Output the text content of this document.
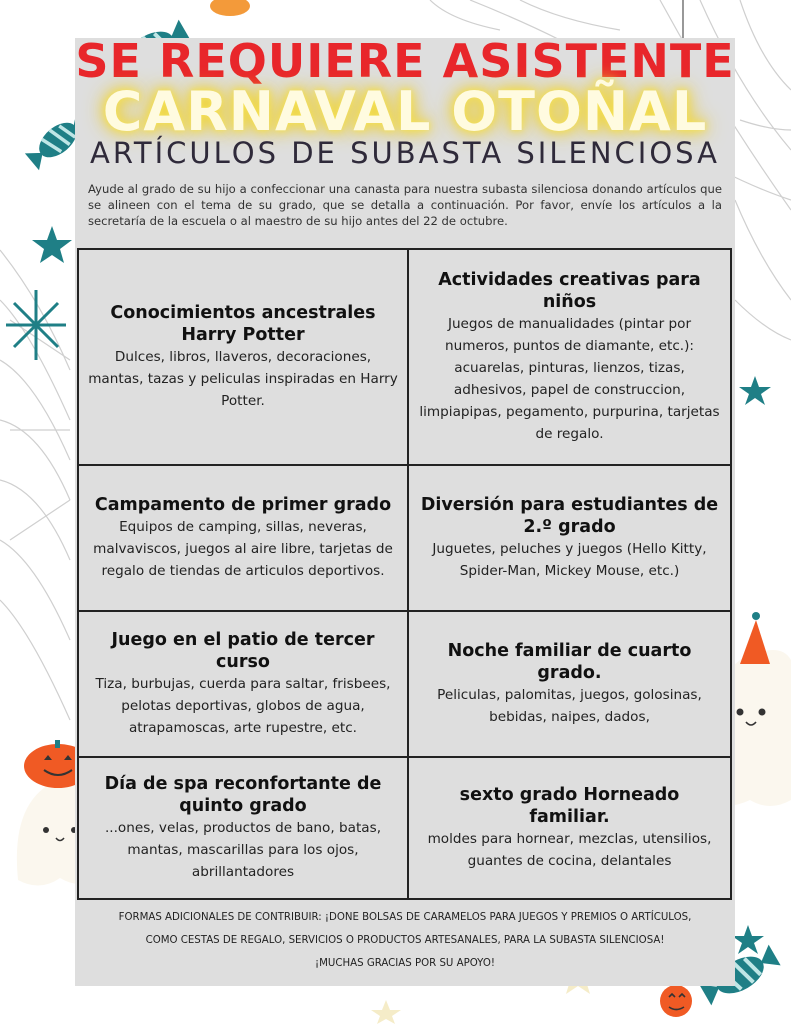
SE REQUIERE ASISTENTE
CARNAVAL OTOÑAL
ARTÍCULOS DE SUBASTA SILENCIOSA
Ayude al grado de su hijo a confeccionar una canasta para nuestra subasta silenciosa donando artículos que se alineen con el tema de su grado, que se detalla a continuación. Por favor, envíe los artículos a la secretaría de la escuela o al maestro de su hijo antes del 22 de octubre.
Conocimientos ancestrales Harry Potter
Dulces, libros, llaveros, decoraciones, mantas, tazas y peliculas inspiradas en Harry Potter.
Actividades creativas para niños
Juegos de manualidades (pintar por numeros, puntos de diamante, etc.): acuarelas, pinturas, lienzos, tizas, adhesivos, papel de construccion, limpiapipas, pegamento, purpurina, tarjetas de regalo.
Campamento de primer grado
Equipos de camping, sillas, neveras, malvaviscos, juegos al aire libre, tarjetas de regalo de tiendas de articulos deportivos.
Diversión para estudiantes de 2.º grado
Juguetes, peluches y juegos (Hello Kitty, Spider-Man, Mickey Mouse, etc.)
Juego en el patio de tercer curso
Tiza, burbujas, cuerda para saltar, frisbees, pelotas deportivas, globos de agua, atrapamoscas, arte rupestre, etc.
Noche familiar de cuarto grado.
Peliculas, palomitas, juegos, golosinas, bebidas, naipes, dados,
Día de spa reconfortante de quinto grado
...ones, velas, productos de bano, batas, mantas, mascarillas para los ojos, abrillantadores
sexto grado Horneado familiar.
moldes para hornear, mezclas, utensilios, guantes de cocina, delantales
FORMAS ADICIONALES DE CONTRIBUIR: ¡DONE BOLSAS DE CARAMELOS PARA JUEGOS Y PREMIOS O ARTÍCULOS,
COMO CESTAS DE REGALO, SERVICIOS O PRODUCTOS ARTESANALES, PARA LA SUBASTA SILENCIOSA!
¡MUCHAS GRACIAS POR SU APOYO!
